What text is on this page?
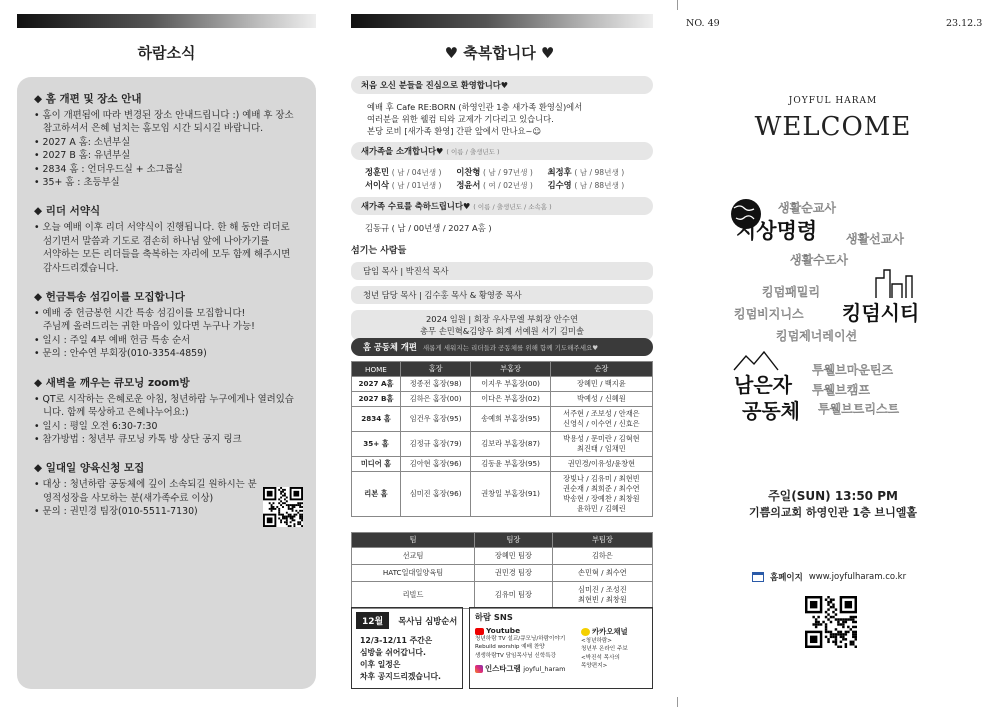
하람소식
◆ 홈 개편 및 장소 안내
• 홈이 개편됨에 따라 변경된 장소 안내드립니다 :) 예배 후 장소
참고하셔서 은혜 넘치는 홈모임 시간 되시길 바랍니다.
• 2027 A 홈: 소년부실
• 2027 B 홈: 유년부실
• 2834 홈 : 언더우드실 + 소그룹실
• 35+ 홈 : 초등부실
◆ 리더 서약식
• 오늘 예배 이후 리더 서약식이 진행됩니다. 한 해 동안 리더로
섬기면서 말씀과 기도로 겸손히 하나님 앞에 나아가기를
서약하는 모든 리더들을 축복하는 자리에 모두 함께 해주시면
감사드리겠습니다.
◆ 헌금특송 섬김이를 모집합니다
• 예배 중 헌금봉헌 시간 특송 섬김이를 모집합니다!
주님께 올려드리는 귀한 마음이 있다면 누구나 가능!
• 일시 : 주일 4부 예배 헌금 특송 순서
• 문의 : 안수연 부회장(010-3354-4859)
◆ 새벽을 깨우는 큐모닝 zoom방
• QT로 시작하는 은혜로운 아침, 청년하람 누구에게나 열려있습
니다. 함께 묵상하고 은혜나누어요:)
• 일시 : 평일 오전 6:30-7:30
• 참가방법 : 청년부 큐모닝 카톡 방 상단 공지 링크
◆ 일대일 양육신청 모집
• 대상 : 청년하람 공동체에 깊이 소속되길 원하시는 분
영적성장을 사모하는 분(새가족수료 이상)
• 문의 : 권민경 팀장(010-5511-7130)
♥ 축복합니다 ♥
처음 오신 분들을 진심으로 환영합니다♥
예배 후 Cafe RE:BORN (하영인관 1층 새가족 환영실)에서
여러분을 위한 웰컴 티와 교제가 기다리고 있습니다.
본당 로비 [새가족 환영] 간판 앞에서 만나요~☺
새가족을 소개합니다♥ ( 이름 / 출생년도 )
정훈민 ( 남 / 04년생 )	이찬형 ( 남 / 97년생 )	최정후 ( 남 / 98년생 )
서이삭 ( 남 / 01년생 )	정윤서 ( 여 / 02년생 )	김수영 ( 남 / 88년생 )
새가족 수료를 축하드립니다♥ ( 이름 / 출생년도 / 소속홈 )
김동규 ( 남 / 00년생 / 2027 A홈 )
섬기는 사람들
담임 목사 | 박진석 목사
청년 담당 목사 | 김수홍 목사 & 황영중 목사
2024 임원 | 회장 우사무엘 부회장 안수연
총무 손민혁&김양우 회계 서예원 서기 김미솔
홈 공동체 개편 새롭게 세워지는 리더들과 공동체를 위해 함께 기도해주세요♥
HOME	홈장	부홈장	순장
2027 A홈	정종전 홈장(98)	이지우 부홈장(00)	장혜민 / 백지윤

2027 B홈	김하은 홈장(00)	이다은 부홈장(02)	박예성 / 신혜원

2834 홈	임건우 홈장(95)	송예희 부홈장(95)	서주현 / 조보성 / 안재은
신영식 / 이수연 / 신효은

35+ 홈	김정규 홈장(79)	김보라 부홈장(87)	박용성 / 문미란 / 김혁현
최진태 / 임채민

미디어 홈	김아현 홈장(96)	김동윤 부홈장(95)	권민경/이유성/윤창현

리본 홈	심미진 홈장(96)	권창일 부홈장(91)	장빛나 / 김유미 / 최현빈
권순재 / 최희준 / 최수연
박송현 / 장예찬 / 최창원
윤하민 / 김혜린
팀	팀장	부팀장
선교팀	장혜민 팀장	김하은

HATC일대일양육팀	권민경 팀장	손민혁 / 최수연

리빌드	김유미 팀장	심미진 / 조성진
최현빈 / 최창원
12월 목사님 심방순서
12/3-12/11 주간은
심방을 쉬어갑니다.
이후 일정은
차후 공지드리겠습니다.
하람 SNS
Youtube
청년하람 TV 설교/큐모닝/하람이야기
Rebuild worship 예배 찬양
생생하람TV 담임목사님 신학특강
인스타그램 joyful_haram
카카오채널
<청년하람>
청년부 온라인 주보
<박진석 목사의
목양편지>
NO. 49	23.12.3
JOYFUL HARAM
WELCOME
생활순교사
지상명령 생활선교사
생활수도사
킹덤패밀리
킹덤비지니스 킹덤시티
킹덤제너레이션
남은자
공동체
투웰브마운틴즈
투웰브캠프
투웰브트리스트
주일(SUN) 13:50 PM
기쁨의교회 하영인관 1층 브니엘홀
홈페이지 www.joyfulharam.co.kr
